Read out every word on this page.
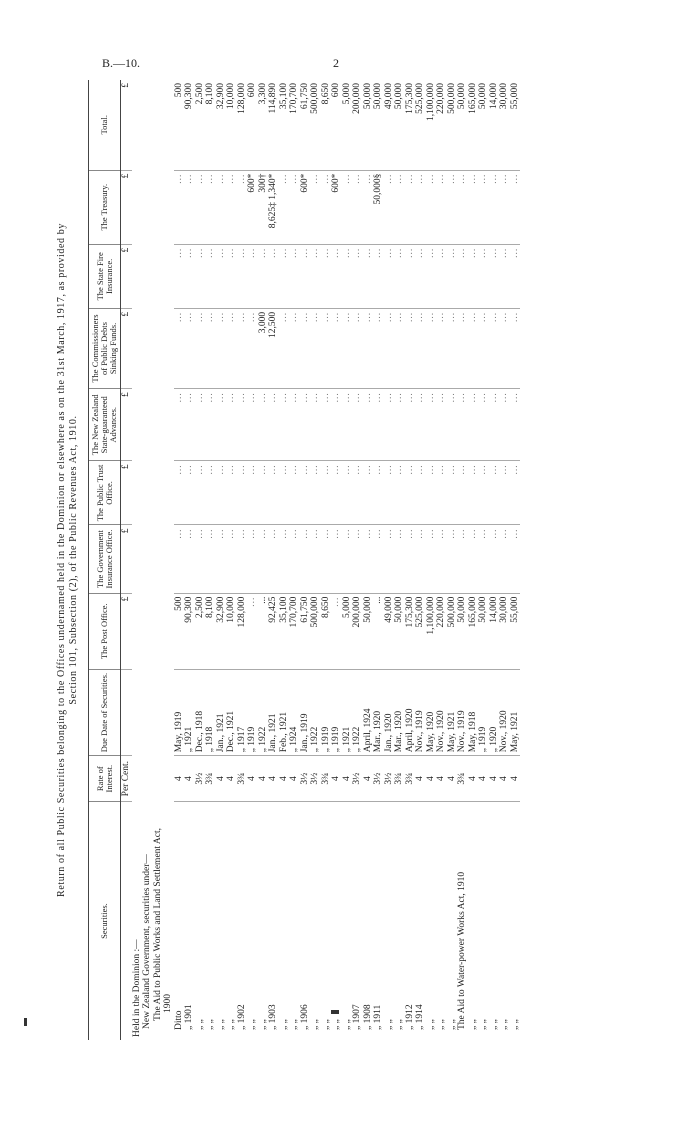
B.—10.	2
Return of all Public Securities belonging to the Offices undernamed held in the Dominion or elsewhere as on the 31st March, 1917, as provided by Section 101, Subsection (2), of the Public Revenues Act, 1910.
Securities.	Rate of Interest.	Due Date of Securities.	The Post Office.	The Government Insurance Office.	The Public Trust Office.	The New Zealand State-guaranteed Advances.	The Commissioners of Public Debts Sinking Funds.	The State Fire Insurance.	The Treasury.	Total.
	Per Cent.		£	£	£	£	£	£	£	£

Held in the Dominion :— New Zealand Government, securities under— The Aid to Public Works and Land Settlement Act, 1900										

Ditto	4	May, 1919	500	...	...	...	...	...	...	500
„ 1901	4	„ 1921	90,300	...	...	...	...	...	...	90,300
„ „	3½	Dec., 1918	2,500	...	...	...	...	...	...	2,500
„ „	3¾	„ 1918	8,100	...	...	...	...	...	...	8,100
„ „	4	Jan., 1921	32,900	...	...	...	...	...	...	32,900
„ „	4	Dec., 1921	10,000	...	...	...	...	...	...	10,000
„ 1902	3¾	„ 1917	128,000	...	...	...	...	...	...	128,000
„ „	4	„ 1919	...	...	...	...	...	...	600*	600
„ „	4	„ 1922	...	...	...	...	3,000	...	300†	3,300
„ 1903	4	Jan., 1921	92,425	...	...	...	12,500	...	8,625‡ 1,340*	114,890
„ „	4	Feb., 1921	35,100	...	...	...	...	...	...	35,100
„ „	4	„ 1924	170,700	...	...	...	...	...	...	170,700
„ 1906	3½	Jan., 1919	61,750	...	...	...	...	...	600*	61,750
„ „	3½	„ 1922	500,000	...	...	...	...	...	...	500,000
„ „	3¾	„ 1919	8,650	...	...	...	...	...	...	8,650
„ „	4	„ 1919	...	...	...	...	...	...	600*	600
„ „	4	„ 1921	5,000	...	...	...	...	...	...	5,000
„ 1907	3½	„ 1922	200,000	...	...	...	...	...	...	200,000
„ 1908	4	April, 1924	50,000	...	...	...	...	...	...	50,000
„ 1911	3½	Mar., 1920	...	...	...	...	...	...	50,000§	50,000
„ „	3½	Jan., 1920	49,000	...	...	...	...	...	...	49,000
„ „	3¾	Mar., 1920	50,000	...	...	...	...	...	...	50,000
„ 1912	3¾	April, 1920	175,300	...	...	...	...	...	...	175,300
„ 1914	4	Nov., 1919	525,000	...	...	...	...	...	...	525,000
„ „	4	May, 1920	1,100,000	...	...	...	...	...	...	1,100,000
„ „	4	Nov., 1920	220,000	...	...	...	...	...	...	220,000
„ „	4	May, 1921	500,000	...	...	...	...	...	...	500,000
The Aid to Water-power Works Act, 1910	3¾	Nov., 1919	50,000	...	...	...	...	...	...	50,000
„ „	4	May, 1918	165,000	...	...	...	...	...	...	165,000
„ „	4	„ 1919	50,000	...	...	...	...	...	...	50,000
„ „	4	„ 1920	14,000	...	...	...	...	...	...	14,000
„ „	4	Nov., 1920	30,000	...	...	...	...	...	...	30,000
„ „	4	May, 1921	55,000	...	...	...	...	...	...	55,000
